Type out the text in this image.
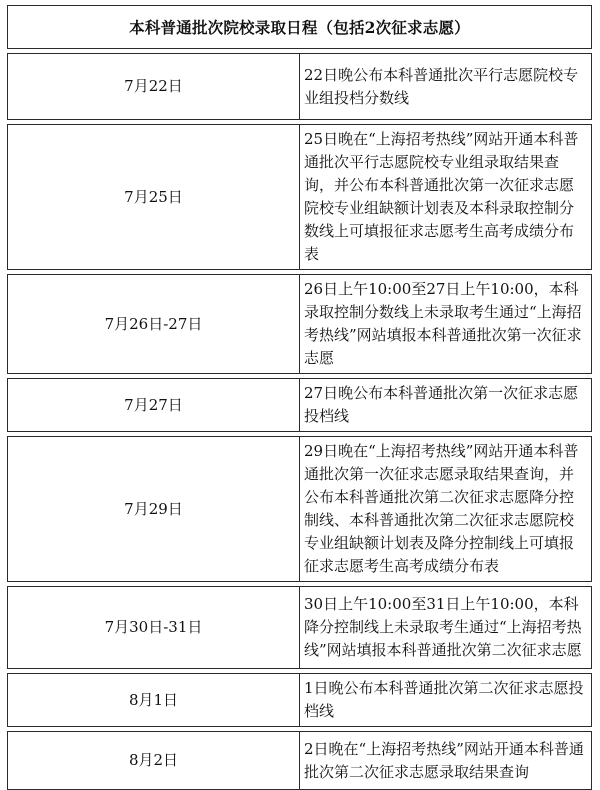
本科普通批次院校录取日程（包括2次征求志愿）	

7月22日	22日晚公布本科普通批次平行志愿院校专业组投档分数线

7月25日	25日晚在“上海招考热线”网站开通本科普通批次平行志愿院校专业组录取结果查询，并公布本科普通批次第一次征求志愿院校专业组缺额计划表及本科录取控制分数线上可填报征求志愿考生高考成绩分布表

7月26日-27日	26日上午10:00至27日上午10:00，本科录取控制分数线上未录取考生通过“上海招考热线”网站填报本科普通批次第一次征求志愿

7月27日	27日晚公布本科普通批次第一次征求志愿投档线

7月29日	29日晚在“上海招考热线”网站开通本科普通批次第一次征求志愿录取结果查询，并公布本科普通批次第二次征求志愿降分控制线、本科普通批次第二次征求志愿院校专业组缺额计划表及降分控制线上可填报征求志愿考生高考成绩分布表

7月30日-31日	30日上午10:00至31日上午10:00，本科降分控制线上未录取考生通过“上海招考热线”网站填报本科普通批次第二次征求志愿

8月1日	1日晚公布本科普通批次第二次征求志愿投档线

8月2日	2日晚在“上海招考热线”网站开通本科普通批次第二次征求志愿录取结果查询
